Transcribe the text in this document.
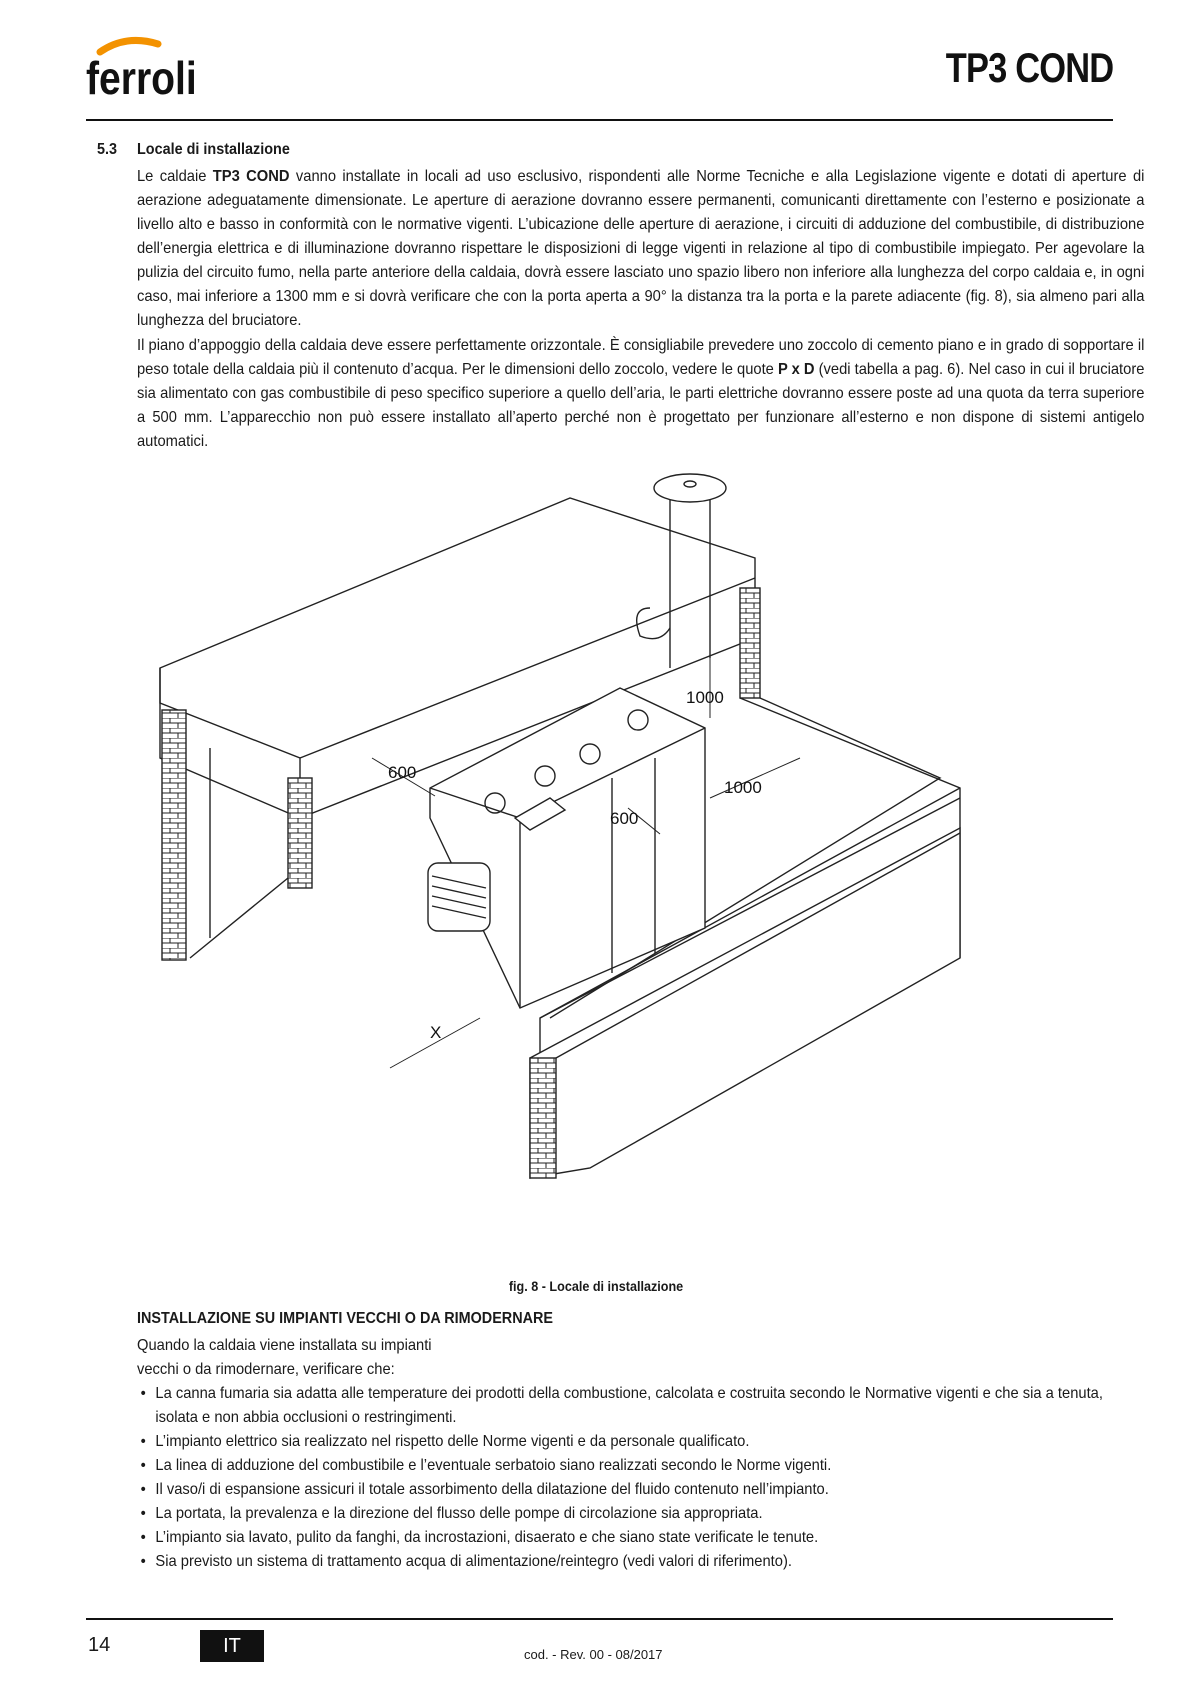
ferroli	TP3 COND
5.3 Locale di installazione
Le caldaie TP3 COND vanno installate in locali ad uso esclusivo, rispondenti alle Norme Tecniche e alla Legislazione vigente e dotati di aperture di aerazione adeguatamente dimensionate. Le aperture di aerazione dovranno essere permanenti, comunicanti direttamente con l’esterno e posizionate a livello alto e basso in conformità con le normative vigenti. L’ubicazione delle aperture di aerazione, i circuiti di adduzione del combustibile, di distribuzione dell’energia elettrica e di illuminazione dovranno rispettare le disposizioni di legge vigenti in relazione al tipo di combustibile impiegato. Per agevolare la pulizia del circuito fumo, nella parte anteriore della caldaia, dovrà essere lasciato uno spazio libero non inferiore alla lunghezza del corpo caldaia e, in ogni caso, mai inferiore a 1300 mm e si dovrà verificare che con la porta aperta a 90° la distanza tra la porta e la parete adiacente (fig. 8), sia almeno pari alla lunghezza del bruciatore.
Il piano d’appoggio della caldaia deve essere perfettamente orizzontale. È consigliabile prevedere uno zoccolo di cemento piano e in grado di sopportare il peso totale della caldaia più il contenuto d’acqua. Per le dimensioni dello zoccolo, vedere le quote P x D (vedi tabella a pag. 6). Nel caso in cui il bruciatore sia alimentato con gas combustibile di peso specifico superiore a quello dell’aria, le parti elettriche dovranno essere poste ad una quota da terra superiore a 500 mm. L’apparecchio non può essere installato all’aperto perché non è progettato per funzionare all’esterno e non dispone di sistemi antigelo automatici.
1000
1000
600
600
X
fig. 8 - Locale di installazione
INSTALLAZIONE SU IMPIANTI VECCHI O DA RIMODERNARE
Quando la caldaia viene installata su impianti
vecchi o da rimodernare, verificare che:
• La canna fumaria sia adatta alle temperature dei prodotti della combustione, calcolata e costruita secondo le Normative vigenti e che sia a tenuta, isolata e non abbia occlusioni o restringimenti.
• L’impianto elettrico sia realizzato nel rispetto delle Norme vigenti e da personale qualificato.
• La linea di adduzione del combustibile e l’eventuale serbatoio siano realizzati secondo le Norme vigenti.
• Il vaso/i di espansione assicuri il totale assorbimento della dilatazione del fluido contenuto nell’impianto.
• La portata, la prevalenza e la direzione del flusso delle pompe di circolazione sia appropriata.
• L’impianto sia lavato, pulito da fanghi, da incrostazioni, disaerato e che siano state verificate le tenute.
• Sia previsto un sistema di trattamento acqua di alimentazione/reintegro (vedi valori di riferimento).
14	IT	cod. - Rev. 00 - 08/2017
